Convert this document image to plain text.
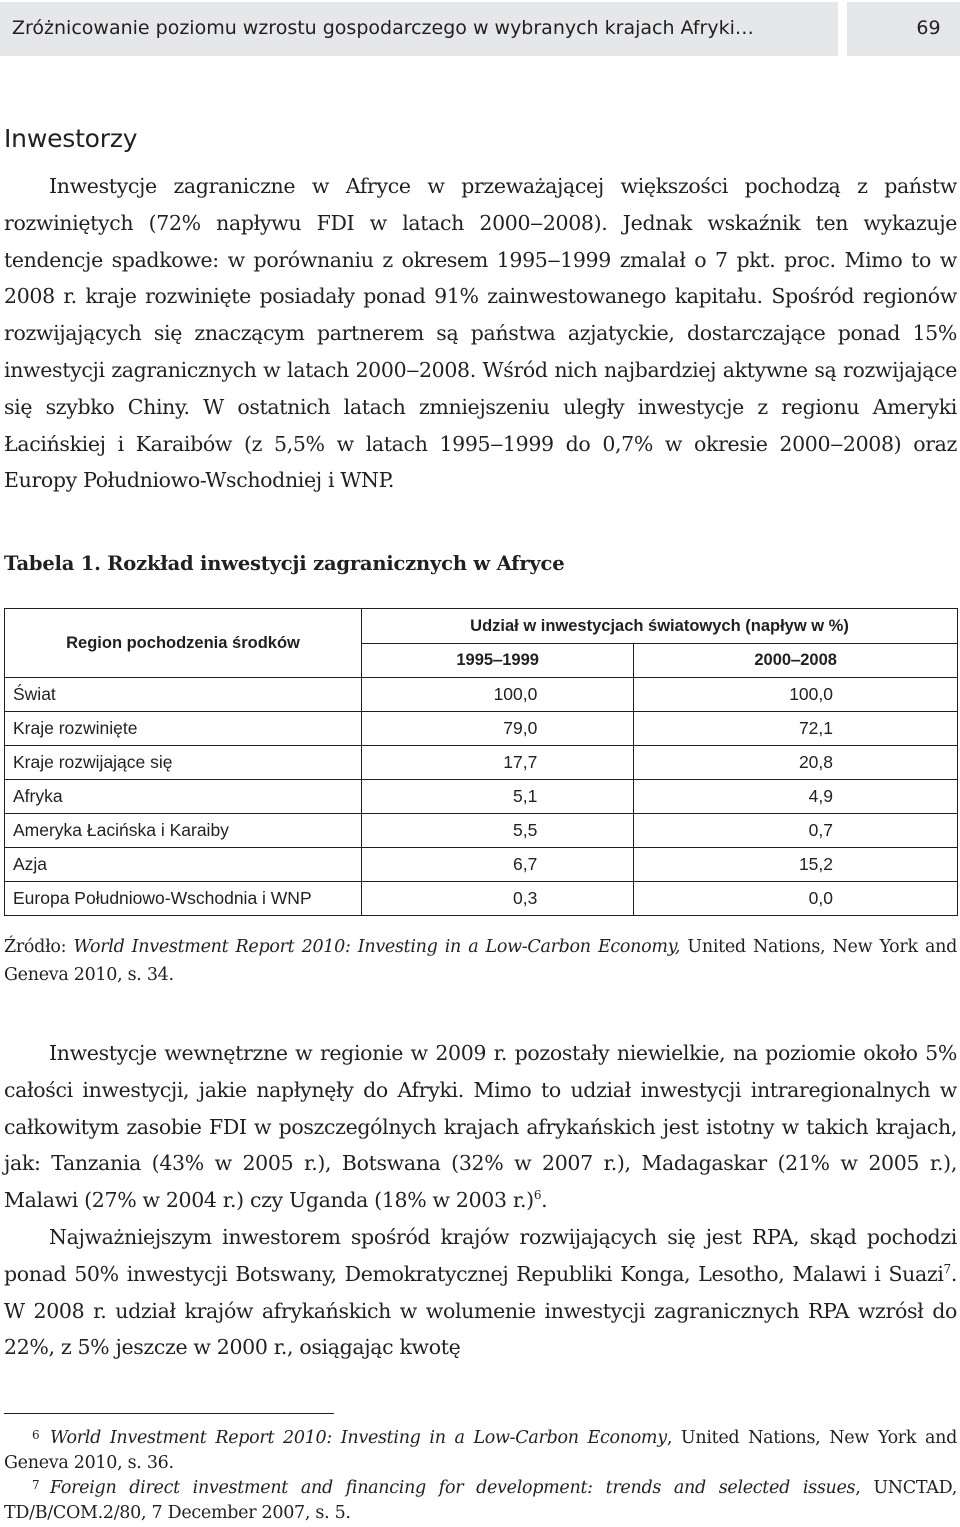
Zróżnicowanie poziomu wzrostu gospodarczego w wybranych krajach Afryki…	69
Inwestorzy

Inwestycje zagraniczne w Afryce w przeważającej większości pochodzą z państw rozwiniętych (72% napływu FDI w latach 2000‒2008). Jednak wskaźnik ten wykazuje tendencje spadkowe: w porównaniu z okresem 1995‒1999 zmalał o 7 pkt. proc. Mimo to w 2008 r. kraje rozwinięte posiadały ponad 91% zainwestowanego kapitału. Spośród regionów rozwijających się znaczącym partnerem są państwa azjatyckie, dostarczające ponad 15% inwestycji zagranicznych w latach 2000‒2008. Wśród nich najbardziej aktywne są rozwijające się szybko Chiny. W ostatnich latach zmniejszeniu uległy inwestycje z regionu Ameryki Łacińskiej i Karaibów (z 5,5% w latach 1995‒1999 do 0,7% w okresie 2000‒2008) oraz Europy Południowo-Wschodniej i WNP.

Tabela 1. Rozkład inwestycji zagranicznych w Afryce
Region pochodzenia środków	Udział w inwestycjach światowych (napływ w %)	
	1995‒1999	2000‒2008
Świat	100,0	100,0
Kraje rozwinięte	79,0	72,1
Kraje rozwijające się	17,7	20,8
Afryka	5,1	4,9
Ameryka Łacińska i Karaiby	5,5	0,7
Azja	6,7	15,2
Europa Południowo-Wschodnia i WNP	0,3	0,0
Źródło: World Investment Report 2010: Investing in a Low-Carbon Economy, United Nations, New York and Geneva 2010, s. 34.

Inwestycje wewnętrzne w regionie w 2009 r. pozostały niewielkie, na poziomie około 5% całości inwestycji, jakie napłynęły do Afryki. Mimo to udział inwestycji intraregionalnych w całkowitym zasobie FDI w poszczególnych krajach afrykańskich jest istotny w takich krajach, jak: Tanzania (43% w 2005 r.), Botswana (32% w 2007 r.), Madagaskar (21% w 2005 r.), Malawi (27% w 2004 r.) czy Uganda (18% w 2003 r.)$^6$.

Najważniejszym inwestorem spośród krajów rozwijających się jest RPA, skąd pochodzi ponad 50% inwestycji Botswany, Demokratycznej Republiki Konga, Lesotho, Malawi i Suazi$^7$. W 2008 r. udział krajów afrykańskich w wolumenie inwestycji zagranicznych RPA wzrósł do 22%, z 5% jeszcze w 2000 r., osiągając kwotę

6 World Investment Report 2010: Investing in a Low-Carbon Economy, United Nations, New York and Geneva 2010, s. 36.
7 Foreign direct investment and financing for development: trends and selected issues, UNCTAD, TD/B/COM.2/80, 7 December 2007, s. 5.
